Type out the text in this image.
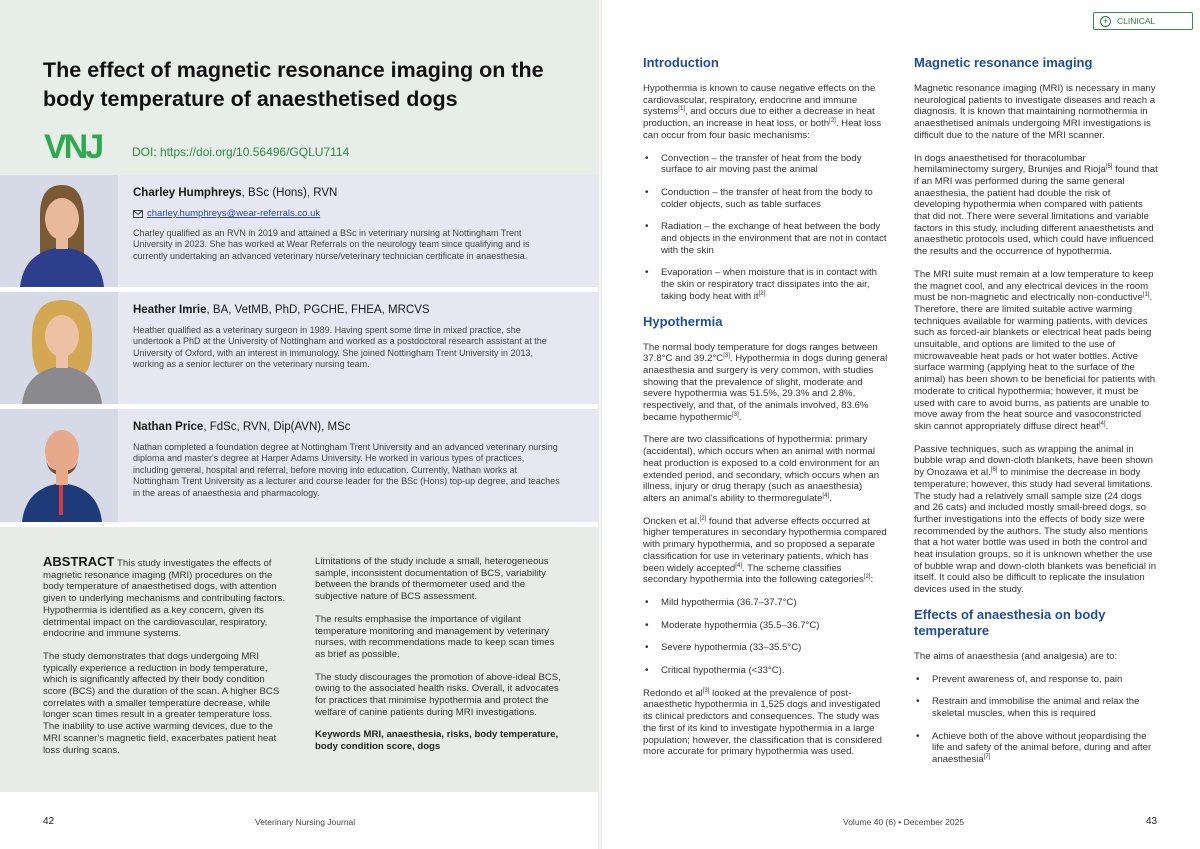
The effect of magnetic resonance imaging on the body temperature of anaesthetised dogs
VNJ	DOI: https://doi.org/10.56496/GQLU7114
Charley Humphreys, BSc (Hons), RVN
charley.humphreys@wear-referrals.co.uk
Charley qualified as an RVN in 2019 and attained a BSc in veterinary nursing at Nottingham Trent University in 2023. She has worked at Wear Referrals on the neurology team since qualifying and is currently undertaking an advanced veterinary nurse/veterinary technician certificate in anaesthesia.
Heather Imrie, BA, VetMB, PhD, PGCHE, FHEA, MRCVS
Heather qualified as a veterinary surgeon in 1989. Having spent some time in mixed practice, she undertook a PhD at the University of Nottingham and worked as a postdoctoral research assistant at the University of Oxford, with an interest in immunology. She joined Nottingham Trent University in 2013, working as a senior lecturer on the veterinary nursing team.
Nathan Price, FdSc, RVN, Dip(AVN), MSc
Nathan completed a foundation degree at Nottingham Trent University and an advanced veterinary nursing diploma and master's degree at Harper Adams University. He worked in various types of practices, including general, hospital and referral, before moving into education. Currently, Nathan works at Nottingham Trent University as a lecturer and course leader for the BSc (Hons) top-up degree, and teaches in the areas of anaesthesia and pharmacology.

ABSTRACT This study investigates the effects of magnetic resonance imaging (MRI) procedures on the body temperature of anaesthetised dogs, with attention given to underlying mechanisms and contributing factors. Hypothermia is identified as a key concern, given its detrimental impact on the cardiovascular, respiratory, endocrine and immune systems.

The study demonstrates that dogs undergoing MRI typically experience a reduction in body temperature, which is significantly affected by their body condition score (BCS) and the duration of the scan. A higher BCS correlates with a smaller temperature decrease, while longer scan times result in a greater temperature loss. The inability to use active warming devices, due to the MRI scanner's magnetic field, exacerbates patient heat loss during scans.

Limitations of the study include a small, heterogeneous sample, inconsistent documentation of BCS, variability between the brands of thermometer used and the subjective nature of BCS assessment.

The results emphasise the importance of vigilant temperature monitoring and management by veterinary nurses, with recommendations made to keep scan times as brief as possible.

The study discourages the promotion of above-ideal BCS, owing to the associated health risks. Overall, it advocates for practices that minimise hypothermia and protect the welfare of canine patients during MRI investigations.

Keywords MRI, anaesthesia, risks, body temperature, body condition score, dogs

+	CLINICAL
Introduction

Hypothermia is known to cause negative effects on the cardiovascular, respiratory, endocrine and immune systems[1], and occurs due to either a decrease in heat production, an increase in heat loss, or both[2]. Heat loss can occur from four basic mechanisms:

• Convection – the transfer of heat from the body surface to air moving past the animal
• Conduction – the transfer of heat from the body to colder objects, such as table surfaces
• Radiation – the exchange of heat between the body and objects in the environment that are not in contact with the skin
• Evaporation – when moisture that is in contact with the skin or respiratory tract dissipates into the air, taking body heat with it[2]
Hypothermia

The normal body temperature for dogs ranges between 37.8°C and 39.2°C[3]. Hypothermia in dogs during general anaesthesia and surgery is very common, with studies showing that the prevalence of slight, moderate and severe hypothermia was 51.5%, 29.3% and 2.8%, respectively, and that, of the animals involved, 83.6% became hypothermic[3].

There are two classifications of hypothermia: primary (accidental), which occurs when an animal with normal heat production is exposed to a cold environment for an extended period, and secondary, which occurs when an illness, injury or drug therapy (such as anaesthesia) alters an animal's ability to thermoregulate[4].

Oncken et al.[2] found that adverse effects occurred at higher temperatures in secondary hypothermia compared with primary hypothermia, and so proposed a separate classification for use in veterinary patients, which has been widely accepted[4]. The scheme classifies secondary hypothermia into the following categories[2]:

• Mild hypothermia (36.7–37.7°C)
• Moderate hypothermia (35.5–36.7°C)
• Severe hypothermia (33–35.5°C)
• Critical hypothermia (<33°C).

Redondo et al[3] looked at the prevalence of post-anaesthetic hypothermia in 1,525 dogs and investigated its clinical predictors and consequences. The study was the first of its kind to investigate hypothermia in a large population; however, the classification that is considered more accurate for primary hypothermia was used.

Magnetic resonance imaging

Magnetic resonance imaging (MRI) is necessary in many neurological patients to investigate diseases and reach a diagnosis. It is known that maintaining normothermia in anaesthetised animals undergoing MRI investigations is difficult due to the nature of the MRI scanner.

In dogs anaesthetised for thoracolumbar hemilaminectomy surgery, Brunijes and Rioja[5] found that if an MRI was performed during the same general anaesthesia, the patient had double the risk of developing hypothermia when compared with patients that did not. There were several limitations and variable factors in this study, including different anaesthetists and anaesthetic protocols used, which could have influenced the results and the occurrence of hypothermia.

The MRI suite must remain at a low temperature to keep the magnet cool, and any electrical devices in the room must be non-magnetic and electrically non-conductive[1]. Therefore, there are limited suitable active warming techniques available for warming patients, with devices such as forced-air blankets or electrical heat pads being unsuitable, and options are limited to the use of microwaveable heat pads or hot water bottles. Active surface warming (applying heat to the surface of the animal) has been shown to be beneficial for patients with moderate to critical hypothermia; however, it must be used with care to avoid burns, as patients are unable to move away from the heat source and vasoconstricted skin cannot appropriately diffuse direct heat[4].

Passive techniques, such as wrapping the animal in bubble wrap and down-cloth blankets, have been shown by Onozawa et al.[6] to minimise the decrease in body temperature; however, this study had several limitations. The study had a relatively small sample size (24 dogs and 26 cats) and included mostly small-breed dogs, so further investigations into the effects of body size were recommended by the authors. The study also mentions that a hot water bottle was used in both the control and heat insulation groups, so it is unknown whether the use of bubble wrap and down-cloth blankets was beneficial in itself. It could also be difficult to replicate the insulation devices used in the study.

Effects of anaesthesia on body temperature

The aims of anaesthesia (and analgesia) are to:

• Prevent awareness of, and response to, pain
• Restrain and immobilise the animal and relax the skeletal muscles, when this is required
• Achieve both of the above without jeopardising the life and safety of the animal before, during and after anaesthesia[7]
42	Veterinary Nursing Journal	Volume 40 (6) • December 2025	43
